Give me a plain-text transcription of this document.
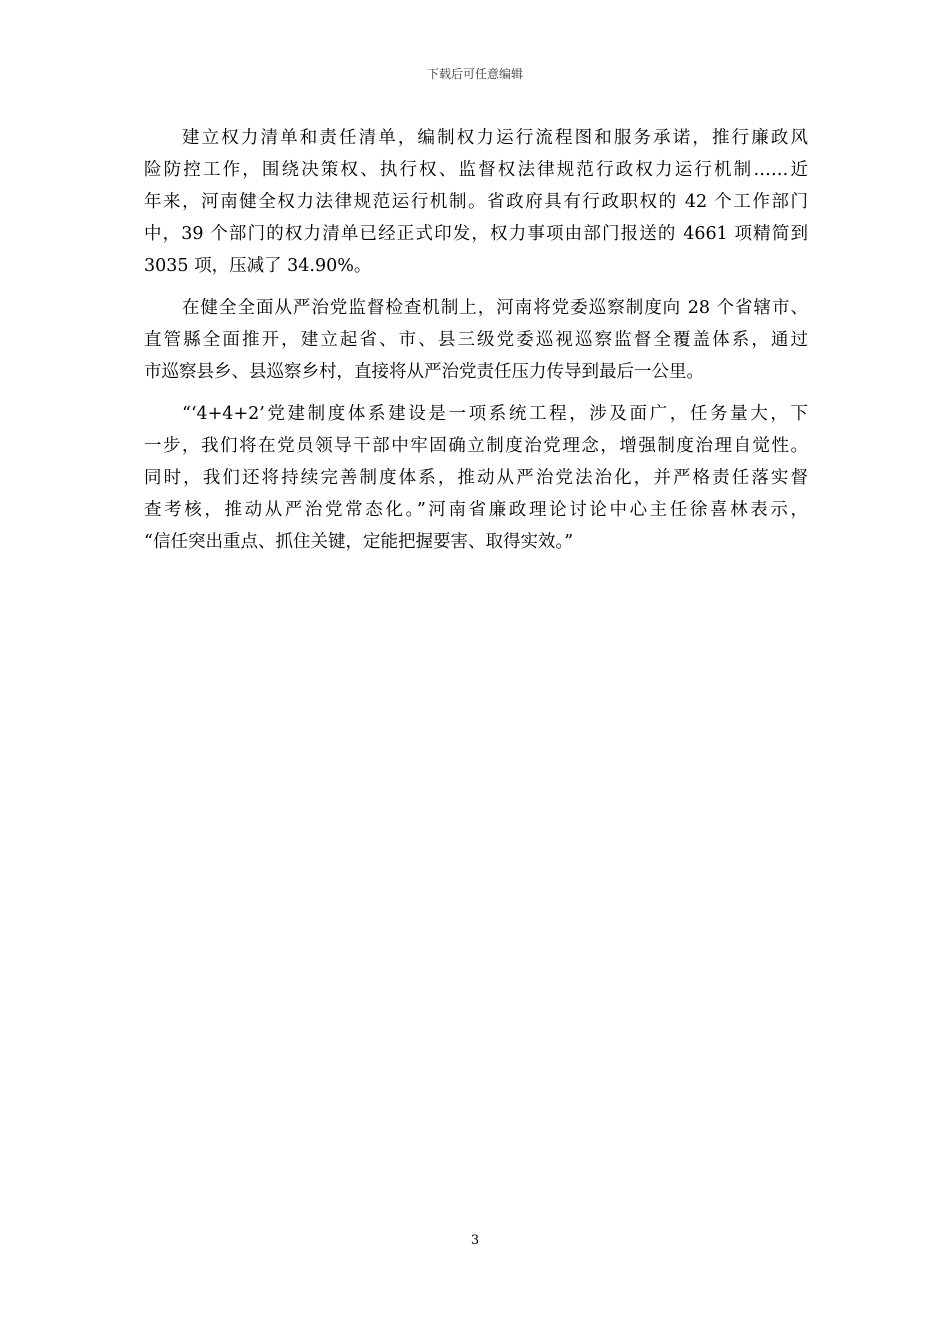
下载后可任意编辑
建立权力清单和责任清单，编制权力运行流程图和服务承诺，推行廉政风
险防控工作，围绕决策权、执行权、监督权法律规范行政权力运行机制……近
年来，河南健全权力法律规范运行机制。省政府具有行政职权的 42 个工作部门
中，39 个部门的权力清单已经正式印发，权力事项由部门报送的 4661 项精简到
3035 项，压减了 34.90%。
在健全全面从严治党监督检查机制上，河南将党委巡察制度向 28 个省辖市、
直管縣全面推开，建立起省、市、县三级党委巡视巡察监督全覆盖体系，通过
市巡察县乡、县巡察乡村，直接将从严治党责任压力传导到最后一公里。
“‘4+4+2’党建制度体系建设是一项系统工程，涉及面广，任务量大，下
一步，我们将在党员领导干部中牢固确立制度治党理念，增强制度治理自觉性。
同时，我们还将持续完善制度体系，推动从严治党法治化，并严格责任落实督
查考核，推动从严治党常态化。”河南省廉政理论讨论中心主任徐喜林表示，
“信任突出重点、抓住关键，定能把握要害、取得实效。”
3
